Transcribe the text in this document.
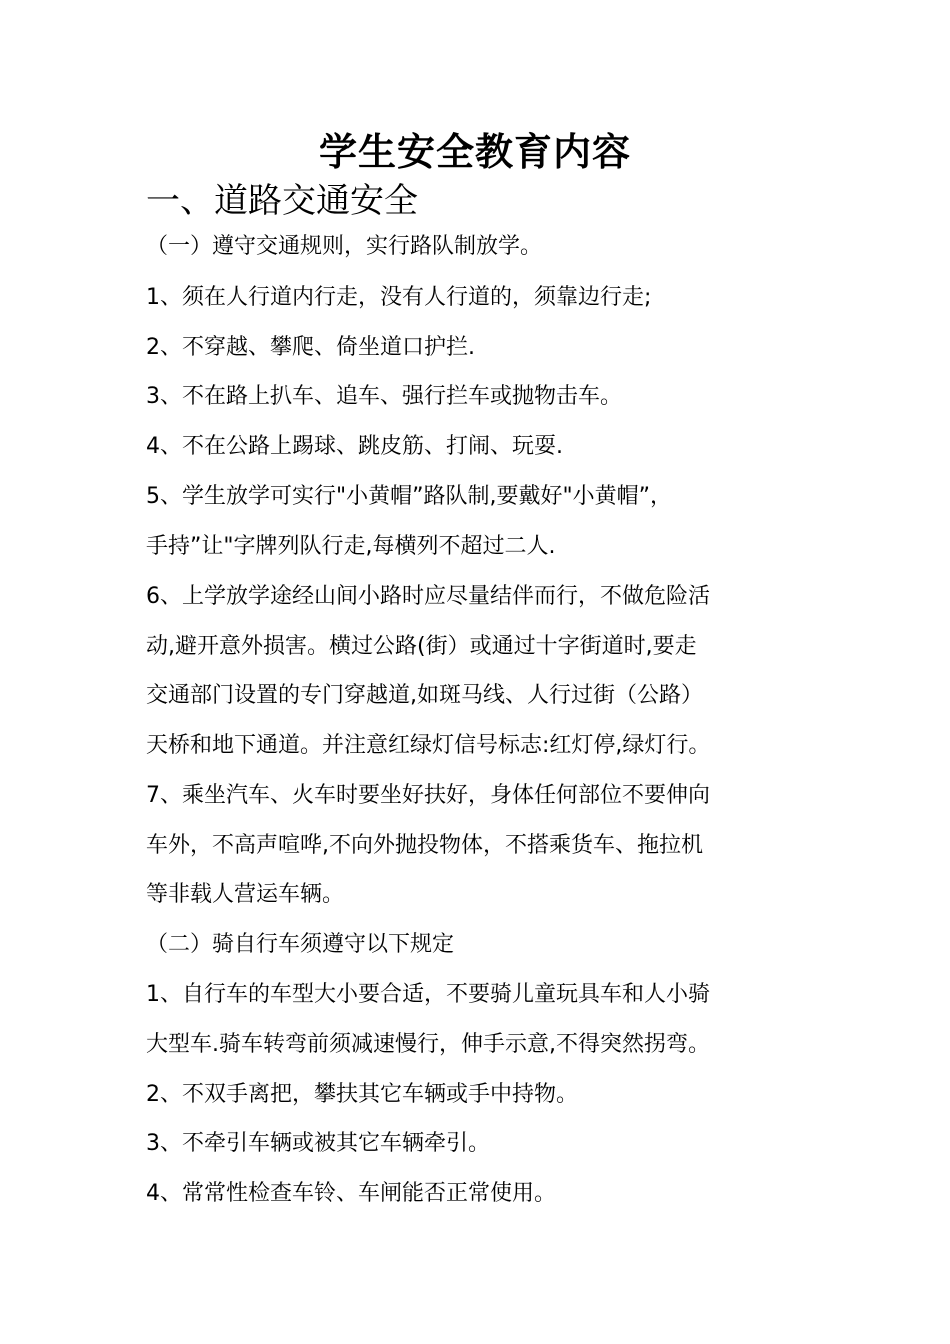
学生安全教育内容
一、道路交通安全
（一）遵守交通规则，实行路队制放学。
1、须在人行道内行走，没有人行道的，须靠边行走;
2、不穿越、攀爬、倚坐道口护拦.
3、不在路上扒车、追车、强行拦车或抛物击车。
4、不在公路上踢球、跳皮筋、打闹、玩耍.
5、学生放学可实行"小黄帽”路队制,要戴好"小黄帽”，
手持”让"字牌列队行走,每横列不超过二人.
6、上学放学途经山间小路时应尽量结伴而行，不做危险活
动,避开意外损害。横过公路(街）或通过十字街道时,要走
交通部门设置的专门穿越道,如斑马线、人行过街（公路）
天桥和地下通道。并注意红绿灯信号标志:红灯停,绿灯行。
7、乘坐汽车、火车时要坐好扶好，身体任何部位不要伸向
车外，不高声喧哗,不向外抛投物体，不搭乘货车、拖拉机
等非载人营运车辆。
（二）骑自行车须遵守以下规定
1、自行车的车型大小要合适，不要骑儿童玩具车和人小骑
大型车.骑车转弯前须减速慢行，伸手示意,不得突然拐弯。
2、不双手离把，攀扶其它车辆或手中持物。
3、不牵引车辆或被其它车辆牵引。
4、常常性检查车铃、车闸能否正常使用。
